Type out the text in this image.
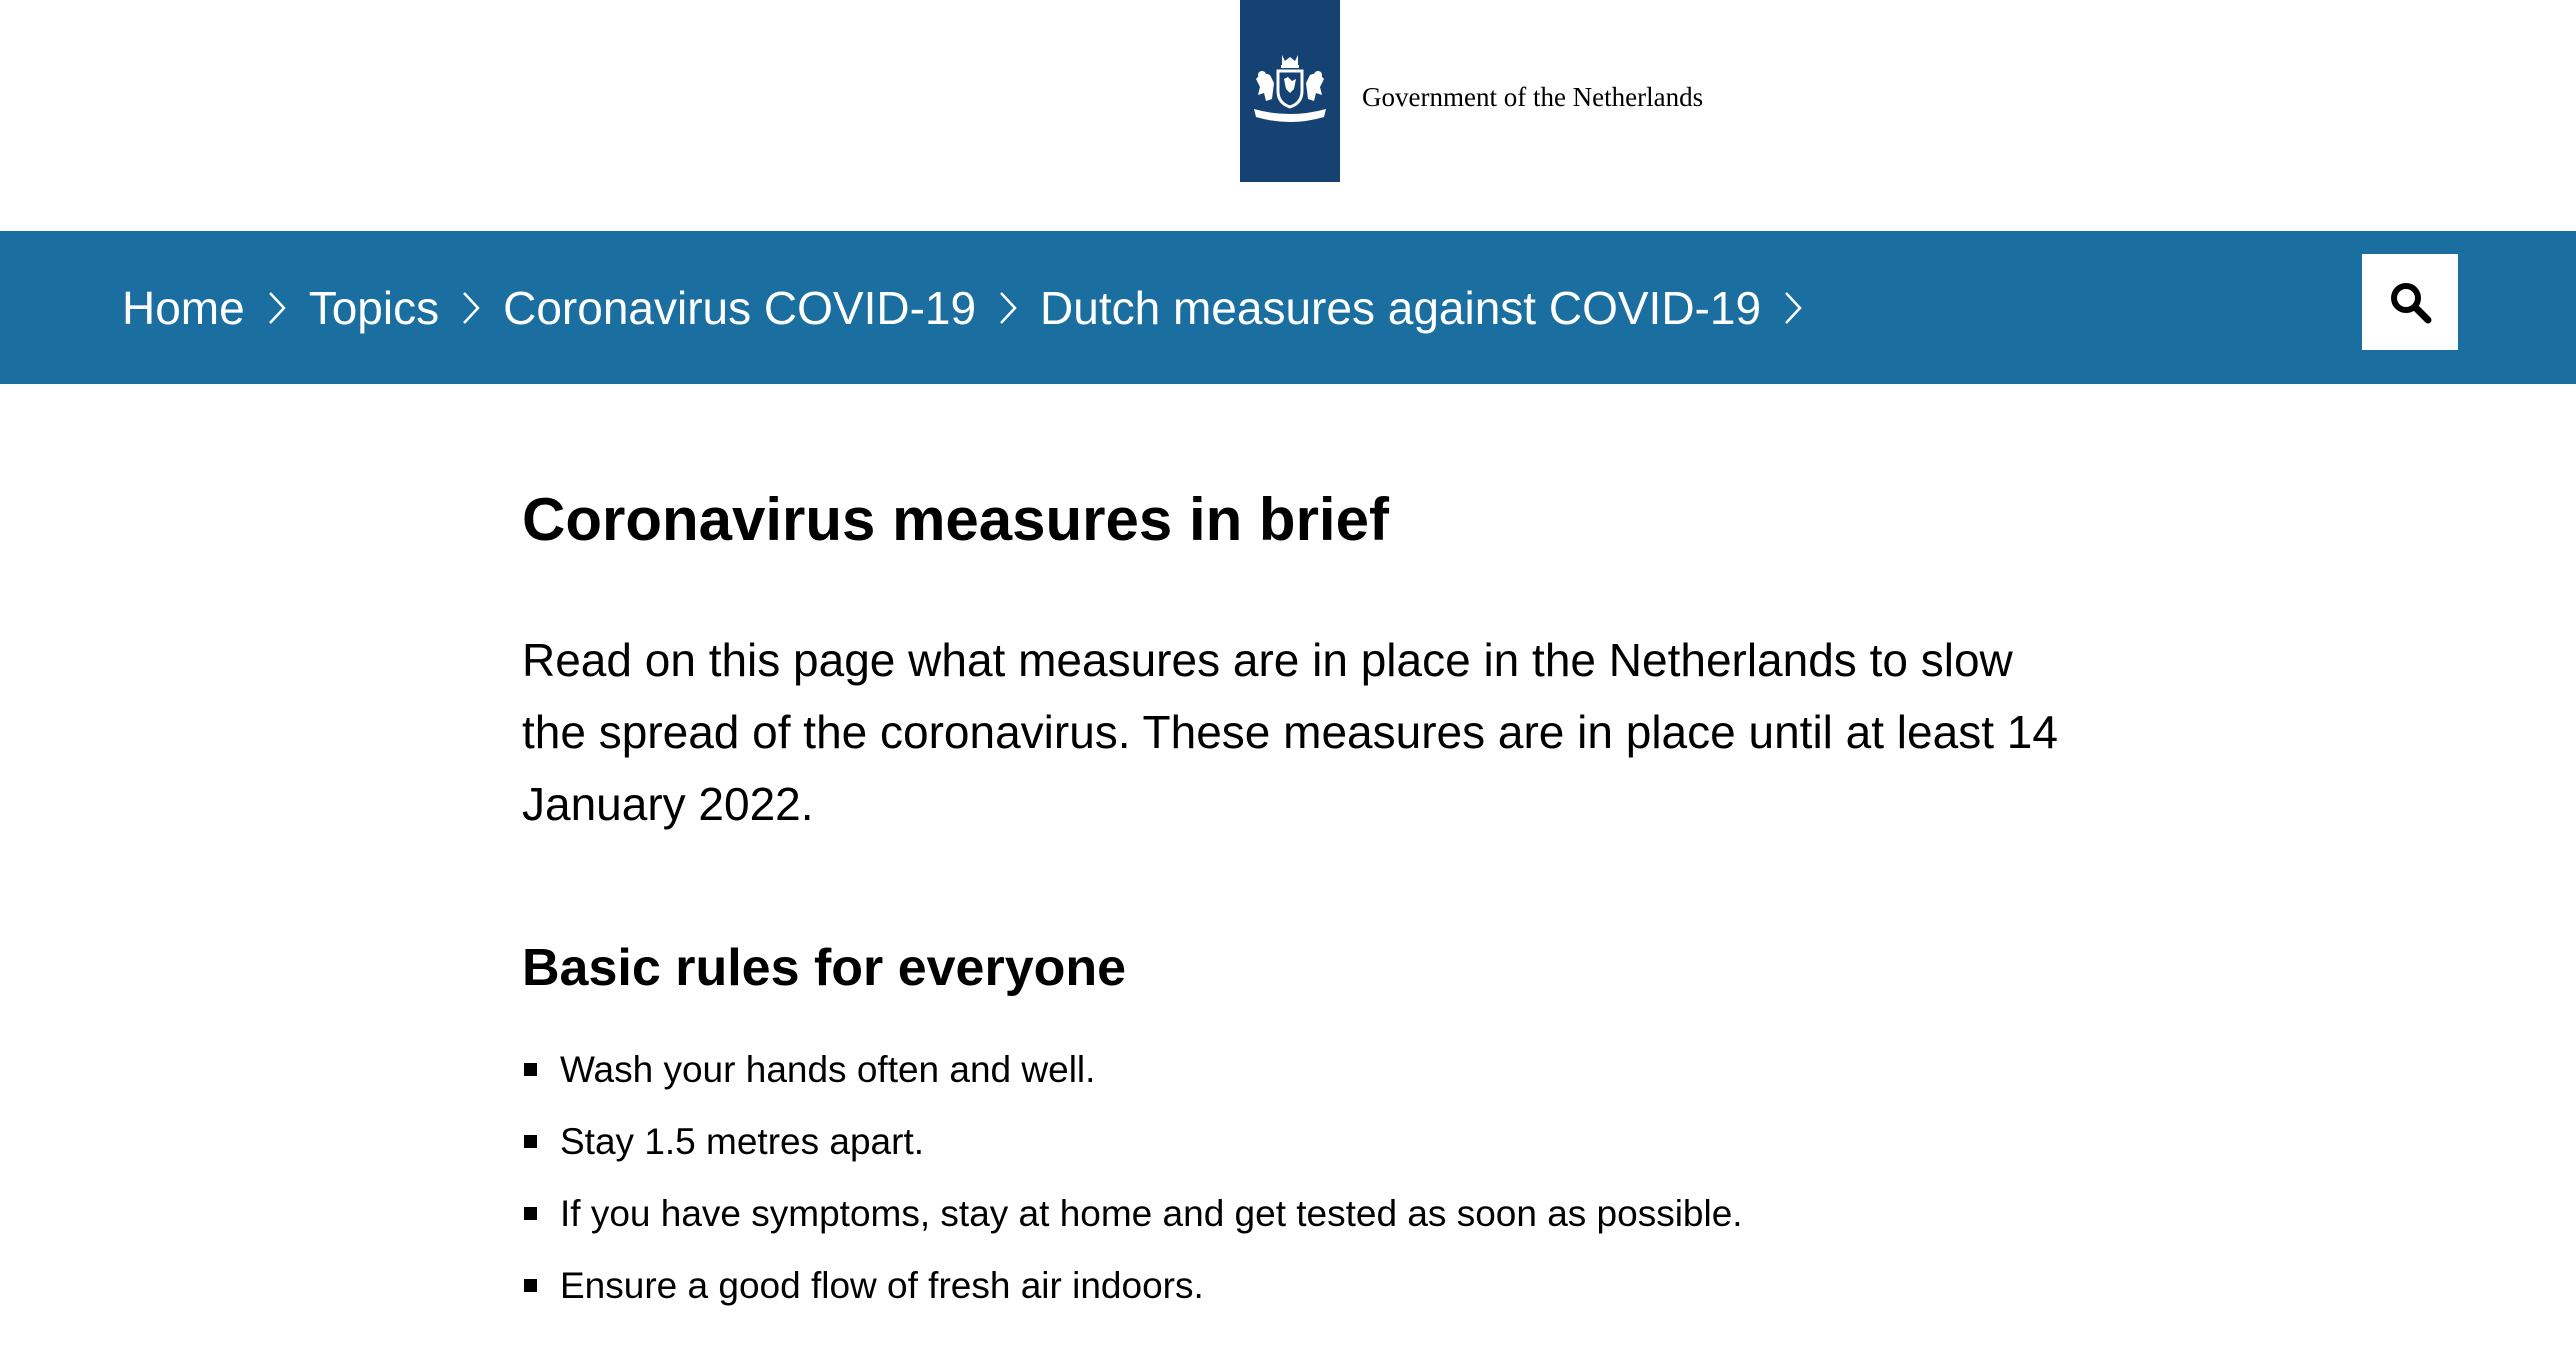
Government of the Netherlands
Home Topics Coronavirus COVID-19 Dutch measures against COVID-19
Coronavirus measures in brief

Read on this page what measures are in place in the Netherlands to slow the spread of the coronavirus. These measures are in place until at least 14 January 2022.

Basic rules for everyone
Wash your hands often and well.
Stay 1.5 metres apart.
If you have symptoms, stay at home and get tested as soon as possible.
Ensure a good flow of fresh air indoors.
